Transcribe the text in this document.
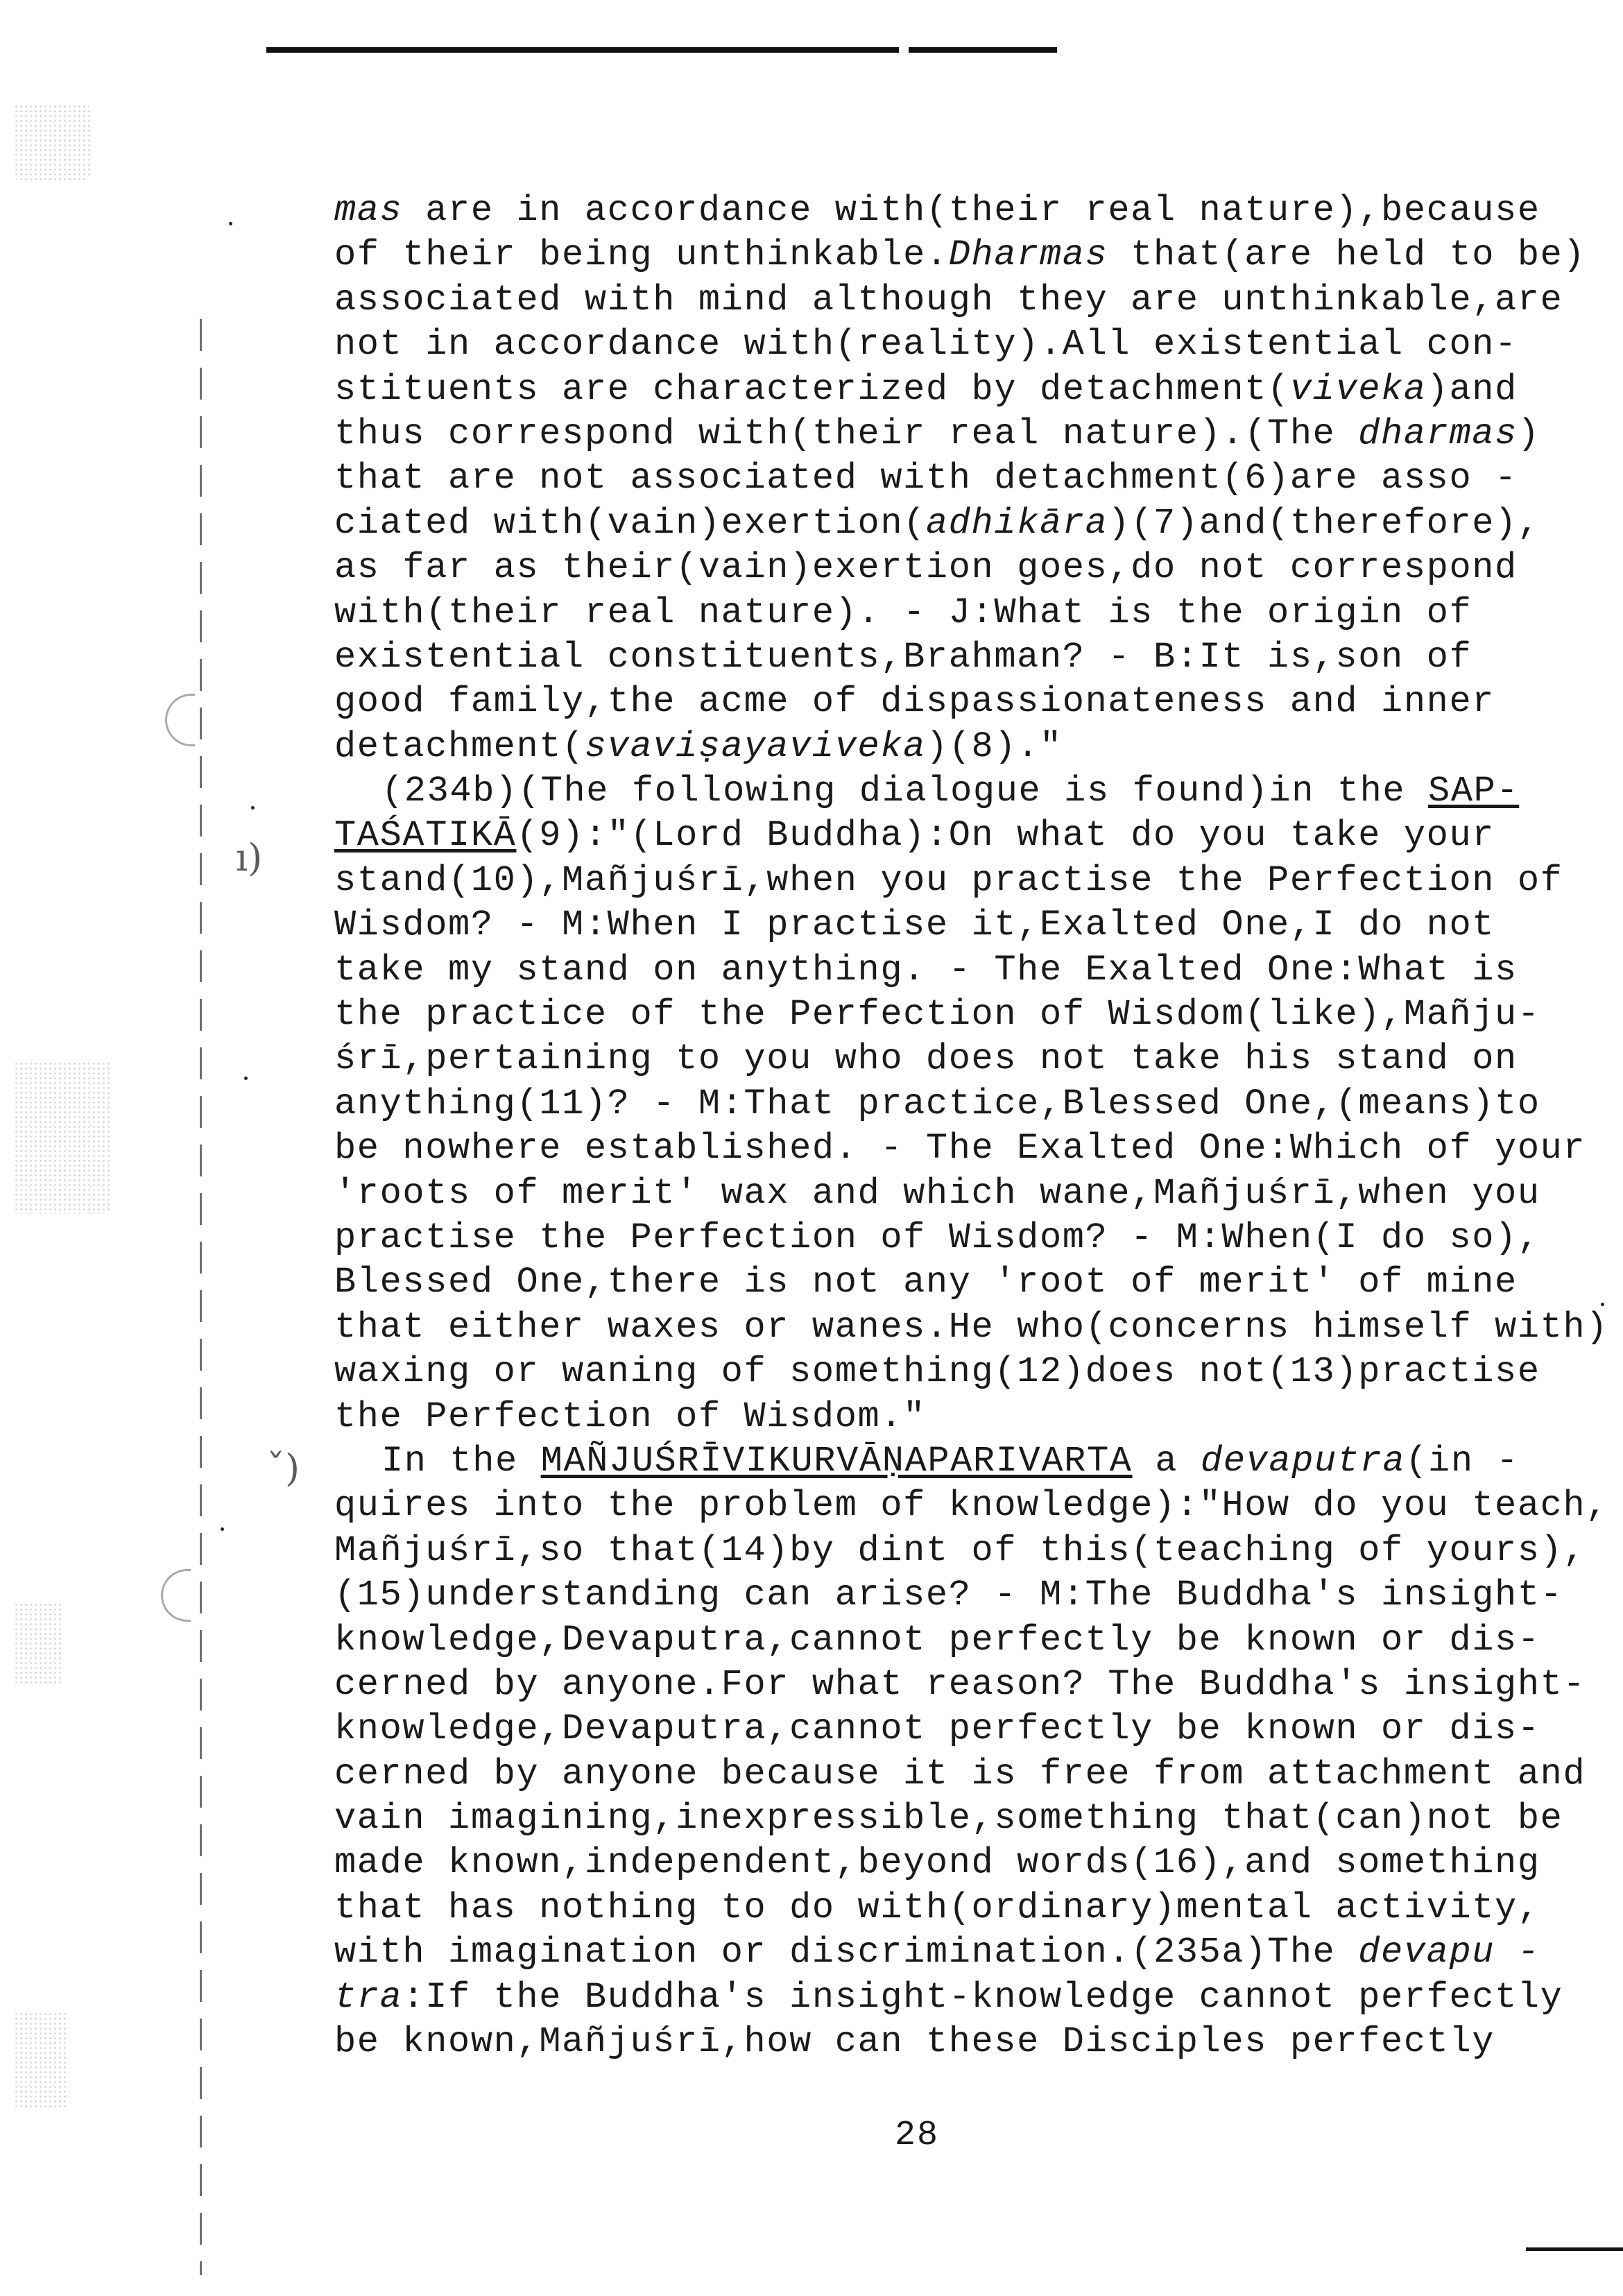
ı)
ˇ)
mas are in accordance with(their real nature),because
of their being unthinkable.Dharmas that(are held to be)
associated with mind although they are unthinkable,are
not in accordance with(reality).All existential con-
stituents are characterized by detachment(viveka)and
thus correspond with(their real nature).(The dharmas)
that are not associated with detachment(6)are asso -
ciated with(vain)exertion(adhikāra)(7)and(therefore),
as far as their(vain)exertion goes,do not correspond
with(their real nature). - J:What is the origin of
existential constituents,Brahman? - B:It is,son of
good family,the acme of dispassionateness and inner
detachment(svaviṣayaviveka)(8)."
(234b)(The following dialogue is found)in the SAP-
TAŚATIKĀ(9):"(Lord Buddha):On what do you take your
stand(10),Mañjuśrī,when you practise the Perfection of
Wisdom? - M:When I practise it,Exalted One,I do not
take my stand on anything. - The Exalted One:What is
the practice of the Perfection of Wisdom(like),Mañju-
śrī,pertaining to you who does not take his stand on
anything(11)? - M:That practice,Blessed One,(means)to
be nowhere established. - The Exalted One:Which of your
'roots of merit' wax and which wane,Mañjuśrī,when you
practise the Perfection of Wisdom? - M:When(I do so),
Blessed One,there is not any 'root of merit' of mine
that either waxes or wanes.He who(concerns himself with)
waxing or waning of something(12)does not(13)practise
the Perfection of Wisdom."
In the MAÑJUŚRĪVIKURVĀṆAPARIVARTA a devaputra(in -
quires into the problem of knowledge):"How do you teach,
Mañjuśrī,so that(14)by dint of this(teaching of yours),
(15)understanding can arise? - M:The Buddha's insight-
knowledge,Devaputra,cannot perfectly be known or dis-
cerned by anyone.For what reason? The Buddha's insight-
knowledge,Devaputra,cannot perfectly be known or dis-
cerned by anyone because it is free from attachment and
vain imagining,inexpressible,something that(can)not be
made known,independent,beyond words(16),and something
that has nothing to do with(ordinary)mental activity,
with imagination or discrimination.(235a)The devapu -
tra:If the Buddha's insight-knowledge cannot perfectly
be known,Mañjuśrī,how can these Disciples perfectly
28
